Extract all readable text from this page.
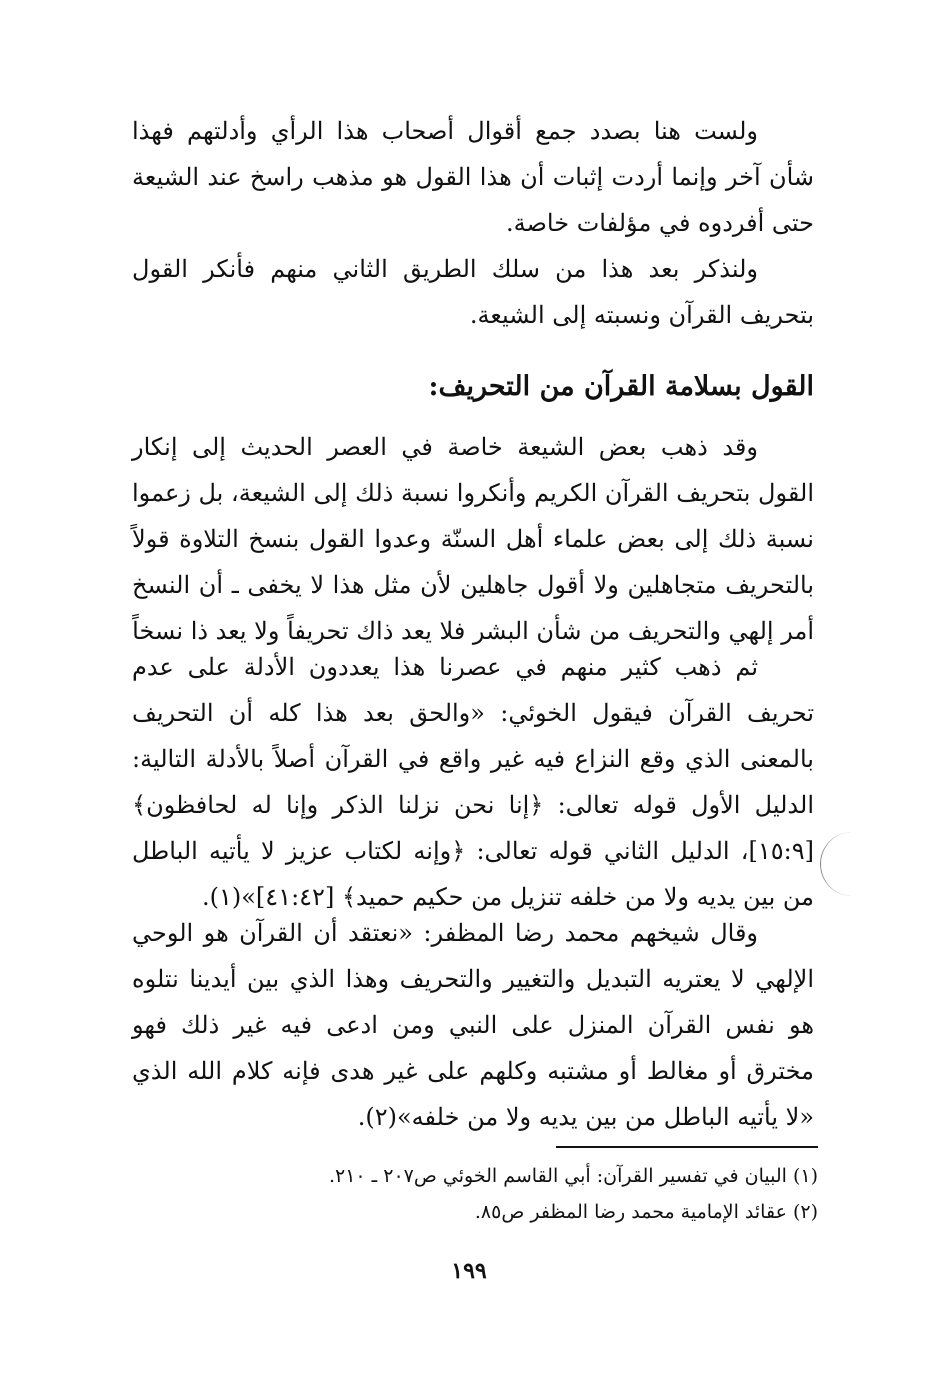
ولست هنا بصدد جمع أقوال أصحاب هذا الرأي وأدلتهم فهذا شأن آخر وإنما أردت إثبات أن هذا القول هو مذهب راسخ عند الشيعة حتى أفردوه في مؤلفات خاصة.

ولنذكر بعد هذا من سلك الطريق الثاني منهم فأنكر القول بتحريف القرآن ونسبته إلى الشيعة.

القول بسلامة القرآن من التحريف:

وقد ذهب بعض الشيعة خاصة في العصر الحديث إلى إنكار القول بتحريف القرآن الكريم وأنكروا نسبة ذلك إلى الشيعة، بل زعموا نسبة ذلك إلى بعض علماء أهل السنّة وعدوا القول بنسخ التلاوة قولاً بالتحريف متجاهلين ولا أقول جاهلين لأن مثل هذا لا يخفى ـ أن النسخ أمر إلهي والتحريف من شأن البشر فلا يعد ذاك تحريفاً ولا يعد ذا نسخاً

ثم ذهب كثير منهم في عصرنا هذا يعددون الأدلة على عدم تحريف القرآن فيقول الخوئي: «والحق بعد هذا كله أن التحريف بالمعنى الذي وقع النزاع فيه غير واقع في القرآن أصلاً بالأدلة التالية: الدليل الأول قوله تعالى: ﴿إنا نحن نزلنا الذكر وإنا له لحافظون﴾ [١٥:٩]، الدليل الثاني قوله تعالى: ﴿وإنه لكتاب عزيز لا يأتيه الباطل من بين يديه ولا من خلفه تنزيل من حكيم حميد﴾ [٤١:٤٢]»(١).

وقال شيخهم محمد رضا المظفر: «نعتقد أن القرآن هو الوحي الإلهي لا يعتريه التبديل والتغيير والتحريف وهذا الذي بين أيدينا نتلوه هو نفس القرآن المنزل على النبي ومن ادعى فيه غير ذلك فهو مخترق أو مغالط أو مشتبه وكلهم على غير هدى فإنه كلام الله الذي «لا يأتيه الباطل من بين يديه ولا من خلفه»(٢).

(١) البيان في تفسير القرآن: أبي القاسم الخوئي ص٢٠٧ ـ ٢١٠.
(٢) عقائد الإمامية محمد رضا المظفر ص٨٥.
١٩٩
